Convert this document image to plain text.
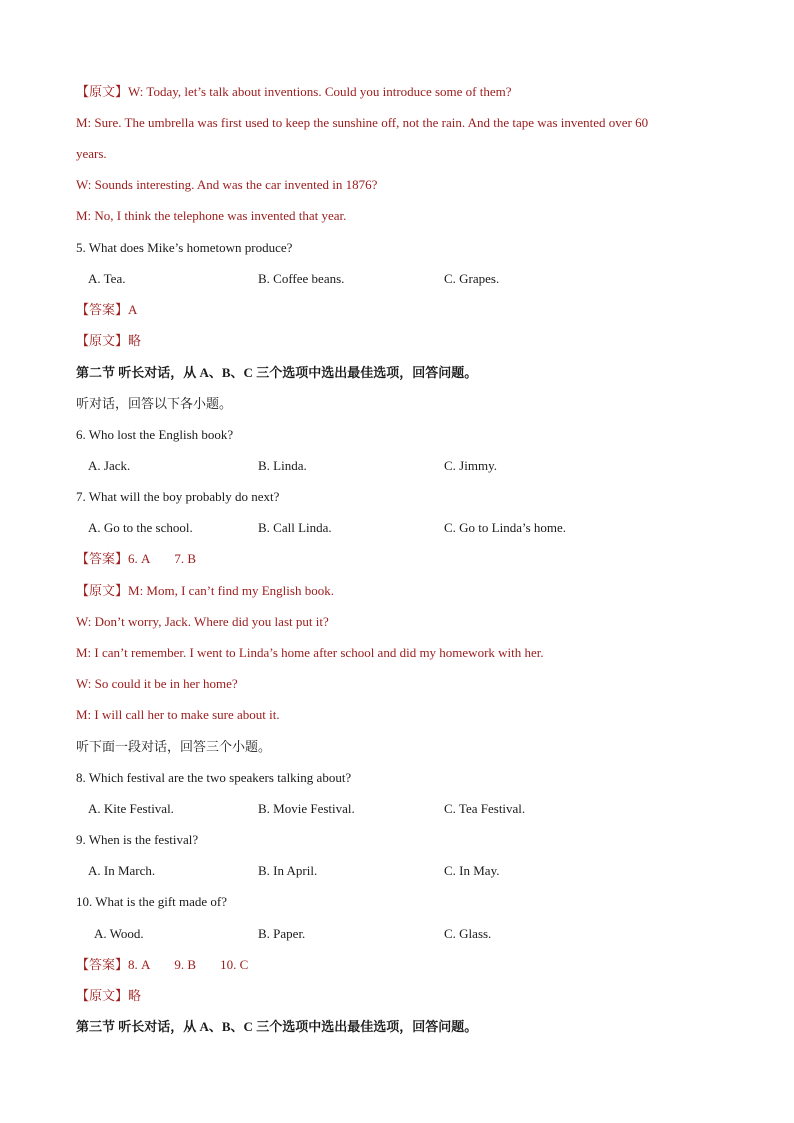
【原文】W: Today, let’s talk about inventions. Could you introduce some of them?
M: Sure. The umbrella was first used to keep the sunshine off, not the rain. And the tape was invented over 60
years.
W: Sounds interesting. And was the car invented in 1876?
M: No, I think the telephone was invented that year.
5. What does Mike’s hometown produce?
A. Tea.	B. Coffee beans.	C. Grapes.
【答案】A
【原文】略
第二节 听长对话，从 A、B、C 三个选项中选出最佳选项，回答问题。
听对话，回答以下各小题。
6. Who lost the English book?
A. Jack.	B. Linda.	C. Jimmy.
7. What will the boy probably do next?
A. Go to the school.	B. Call Linda.	C. Go to Linda’s home.
【答案】6. A 7. B
【原文】M: Mom, I can’t find my English book.
W: Don’t worry, Jack. Where did you last put it?
M: I can’t remember. I went to Linda’s home after school and did my homework with her.
W: So could it be in her home?
M: I will call her to make sure about it.
听下面一段对话，回答三个小题。
8. Which festival are the two speakers talking about?
A. Kite Festival.	B. Movie Festival.	C. Tea Festival.
9. When is the festival?
A. In March.	B. In April.	C. In May.
10. What is the gift made of?
A. Wood.	B. Paper.	C. Glass.
【答案】8. A 9. B 10. C
【原文】略
第三节 听长对话，从 A、B、C 三个选项中选出最佳选项，回答问题。
